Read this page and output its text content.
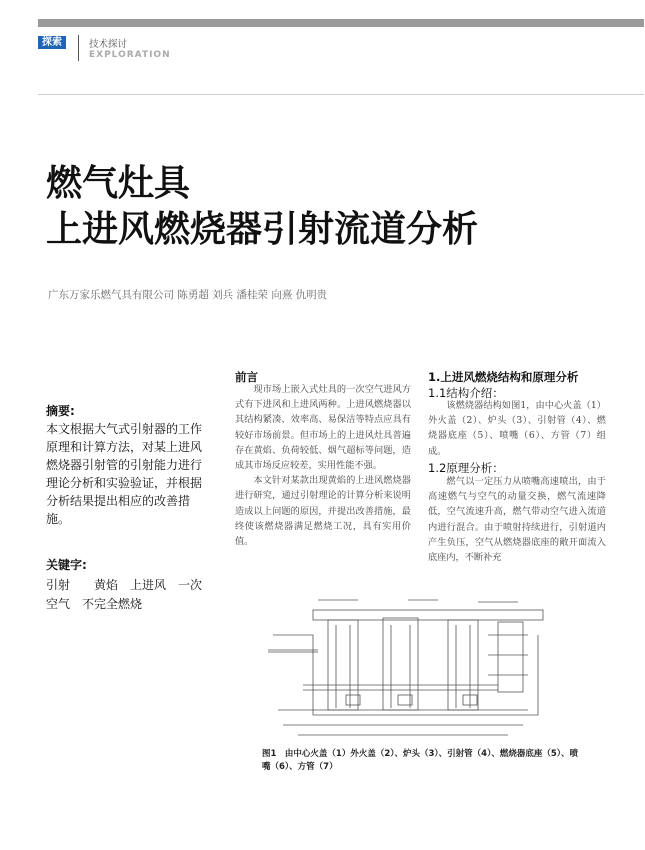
探索	技术探讨
EXPLORATION
燃气灶具
上进风燃烧器引射流道分析
广东万家乐燃气具有限公司 陈勇超 刘兵 潘桂荣 向熹 仇明贵
摘要:
本文根据大气式引射器的工作原理和计算方法，对某上进风燃烧器引射管的引射能力进行理论分析和实验验证，并根据分析结果提出相应的改善措施。
关键字:
引射　　黄焰　上进风　一次空气　不完全燃烧
前言

现市场上嵌入式灶具的一次空气进风方式有下进风和上进风两种。上进风燃烧器以其结构紧凑、效率高、易保洁等特点应具有较好市场前景。但市场上的上进风灶具普遍存在黄焰、负荷较低、烟气超标等问题，造成其市场反应较差，实用性能不强。

本文针对某款出现黄焰的上进风燃烧器进行研究，通过引射理论的计算分析来说明造成以上问题的原因，并提出改善措施，最终使该燃烧器满足燃烧工况，具有实用价值。

1.上进风燃烧结构和原理分析
1.1结构介绍：

该燃烧器结构如图1，由中心火盖（1）外火盖（2）、炉头（3）、引射管（4）、燃烧器底座（5）、喷嘴（6）、方管（7）组成。

1.2原理分析：

燃气以一定压力从喷嘴高速喷出，由于高速燃气与空气的动量交换，燃气流速降低，空气流速升高，燃气带动空气进入流道内进行混合。由于喷射持续进行，引射道内产生负压，空气从燃烧器底座的敞开面流入底座内，不断补充

图1　由中心火盖（1）外火盖（2）、炉头（3）、引射管（4）、燃烧器底座（5）、喷嘴（6）、方管（7）
